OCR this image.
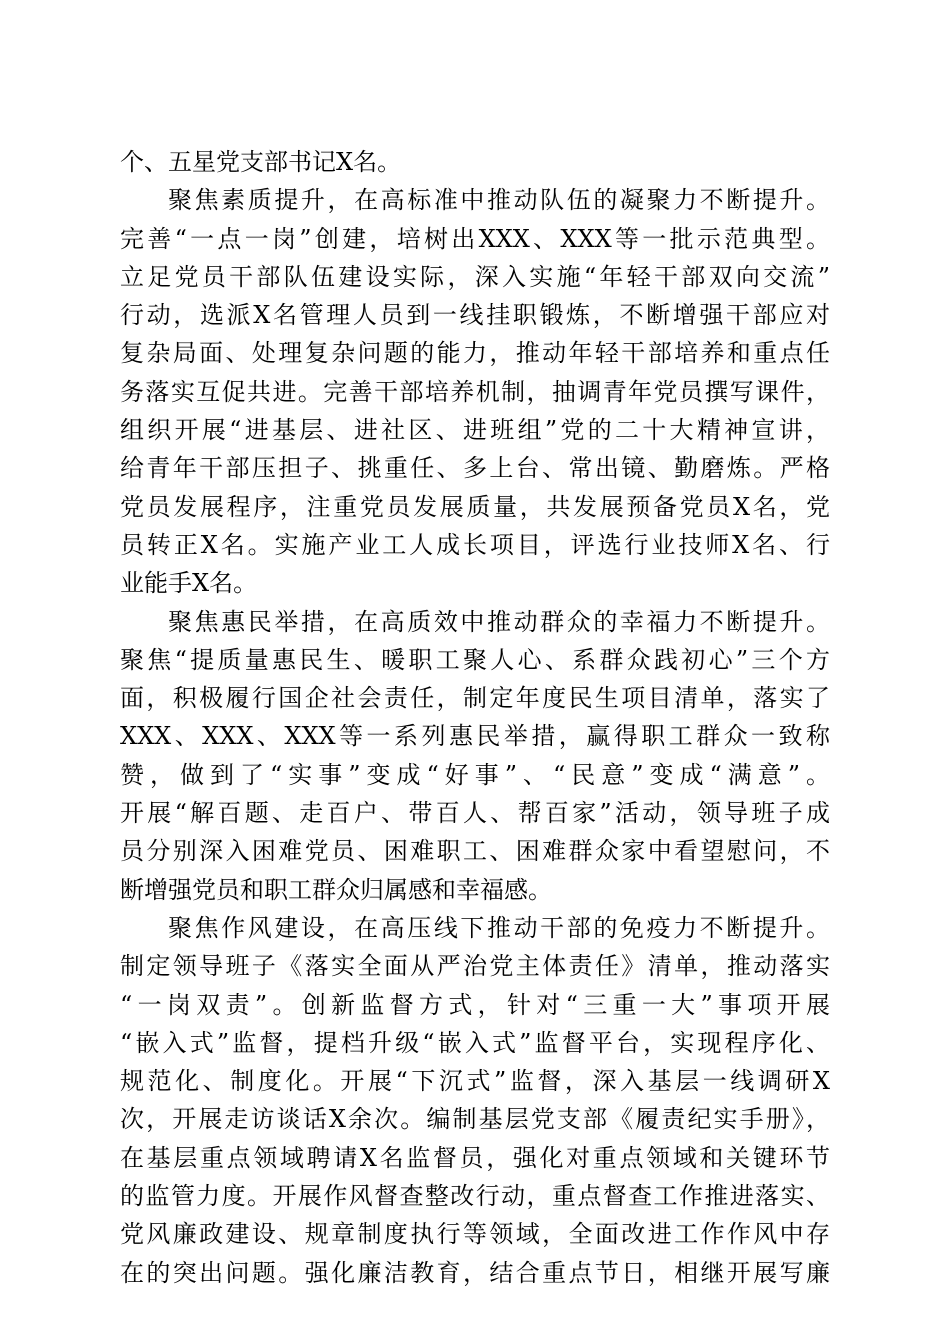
个、五星党支部书记X名。
聚焦素质提升，在高标准中推动队伍的凝聚力不断提升。
完善“一点一岗”创建，培树出XXX、XXX等一批示范典型。
立足党员干部队伍建设实际，深入实施“年轻干部双向交流”
行动，选派X名管理人员到一线挂职锻炼，不断增强干部应对
复杂局面、处理复杂问题的能力，推动年轻干部培养和重点任
务落实互促共进。完善干部培养机制，抽调青年党员撰写课件，
组织开展“进基层、进社区、进班组”党的二十大精神宣讲，
给青年干部压担子、挑重任、多上台、常出镜、勤磨炼。严格
党员发展程序，注重党员发展质量，共发展预备党员X名，党
员转正X名。实施产业工人成长项目，评选行业技师X名、行
业能手X名。
聚焦惠民举措，在高质效中推动群众的幸福力不断提升。
聚焦“提质量惠民生、暖职工聚人心、系群众践初心”三个方
面，积极履行国企社会责任，制定年度民生项目清单，落实了
XXX、XXX、XXX等一系列惠民举措，赢得职工群众一致称
赞，做到了“实事”变成“好事”、“民意”变成“满意”。
开展“解百题、走百户、带百人、帮百家”活动，领导班子成
员分别深入困难党员、困难职工、困难群众家中看望慰问，不
断增强党员和职工群众归属感和幸福感。
聚焦作风建设，在高压线下推动干部的免疫力不断提升。
制定领导班子《落实全面从严治党主体责任》清单，推动落实
“一岗双责”。创新监督方式，针对“三重一大”事项开展
“嵌入式”监督，提档升级“嵌入式”监督平台，实现程序化、
规范化、制度化。开展“下沉式”监督，深入基层一线调研X
次，开展走访谈话X余次。编制基层党支部《履责纪实手册》，
在基层重点领域聘请X名监督员，强化对重点领域和关键环节
的监管力度。开展作风督查整改行动，重点督查工作推进落实、
党风廉政建设、规章制度执行等领域，全面改进工作作风中存
在的突出问题。强化廉洁教育，结合重点节日，相继开展写廉
